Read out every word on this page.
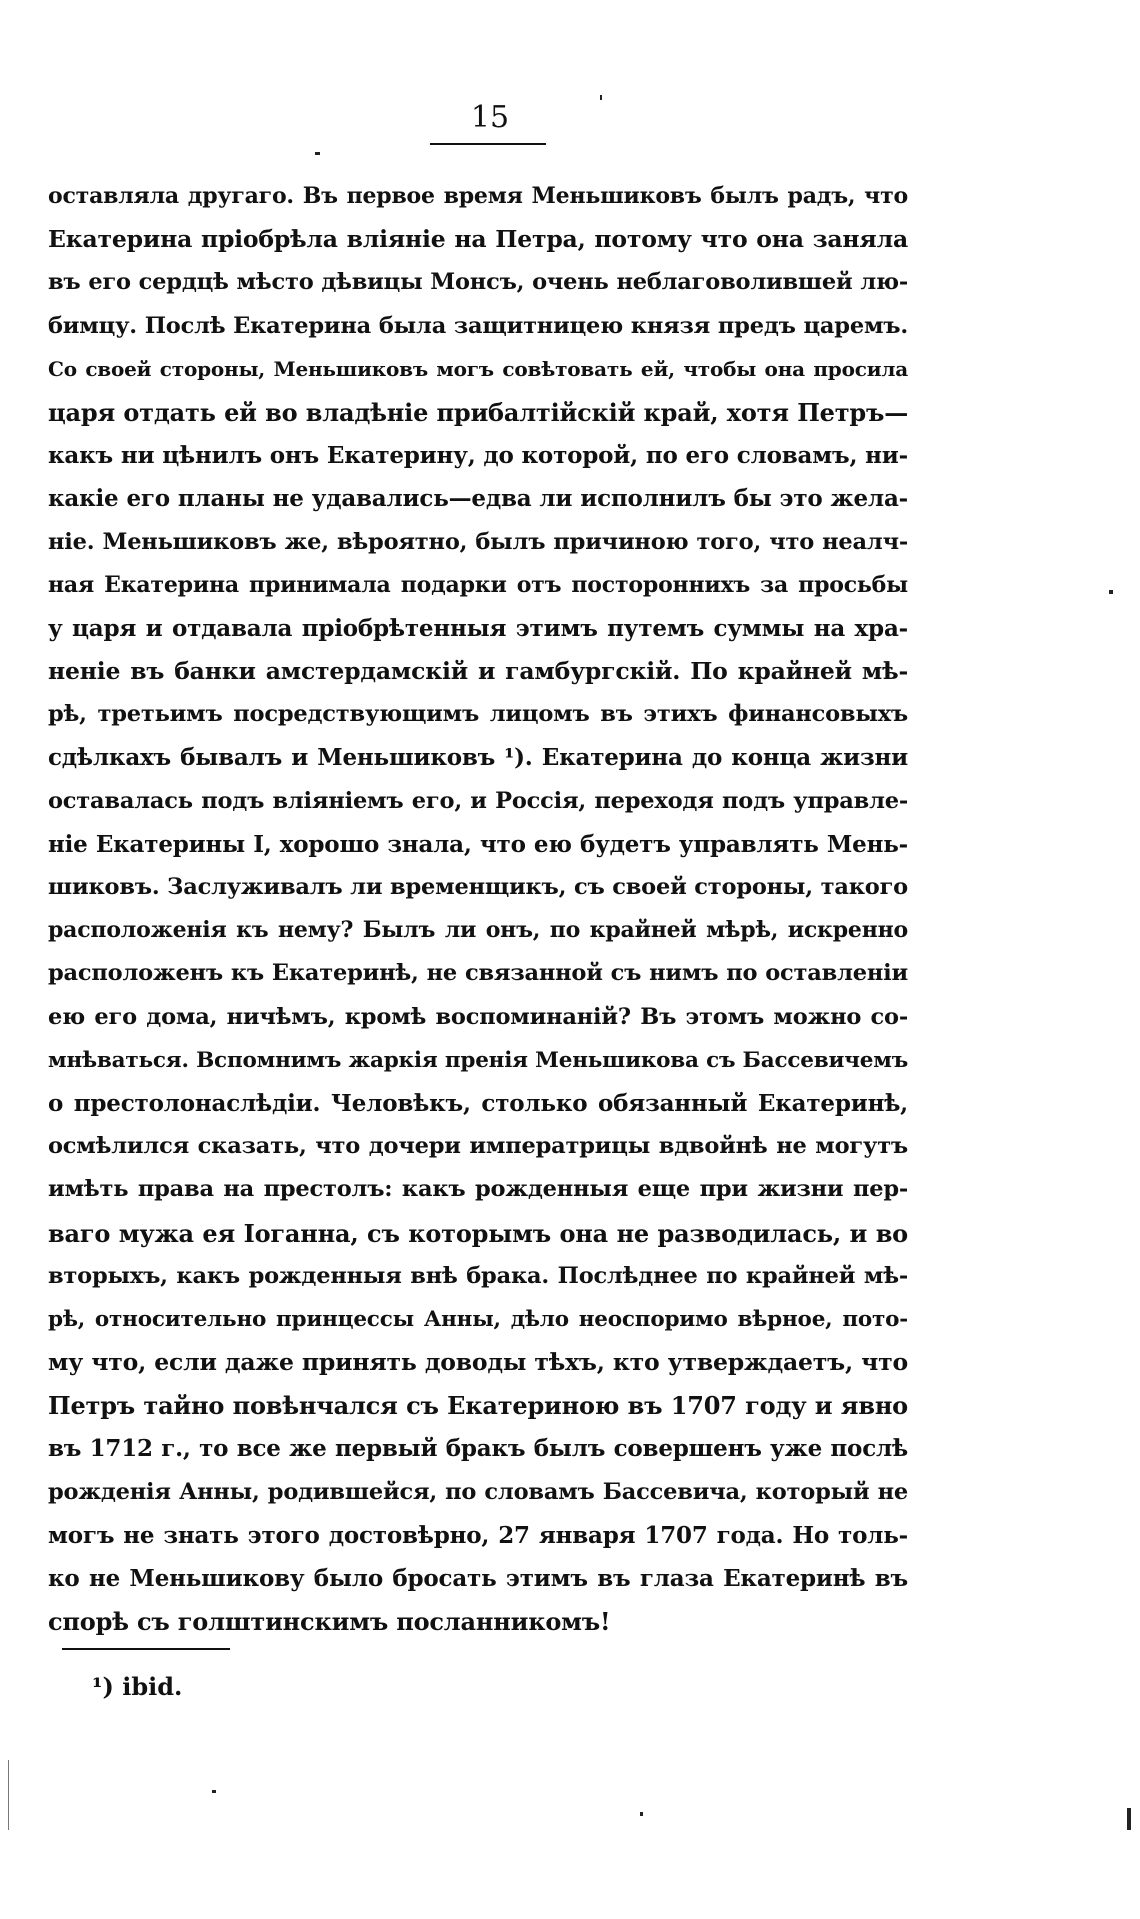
15
оставляла другаго. Въ первое время Меньшиковъ былъ радъ, что
Екатерина пріобрѣла вліяніе на Петра, потому что она заняла
въ его сердцѣ мѣсто дѣвицы Монсъ, очень неблаговолившей лю-
бимцу. Послѣ Екатерина была защитницею князя предъ царемъ.
Со своей стороны, Меньшиковъ могъ совѣтовать ей, чтобы она просила
царя отдать ей во владѣніе прибалтійскій край, хотя Петръ—
какъ ни цѣнилъ онъ Екатерину, до которой, по его словамъ, ни-
какіе его планы не удавались—едва ли исполнилъ бы это жела-
ніе. Меньшиковъ же, вѣроятно, былъ причиною того, что неалч-
ная Екатерина принимала подарки отъ постороннихъ за просьбы
у царя и отдавала пріобрѣтенныя этимъ путемъ суммы на хра-
неніе въ банки амстердамскій и гамбургскій. По крайней мѣ-
рѣ, третьимъ посредствующимъ лицомъ въ этихъ финансовыхъ
сдѣлкахъ бывалъ и Меньшиковъ ¹). Екатерина до конца жизни
оставалась подъ вліяніемъ его, и Россія, переходя подъ управле-
ніе Екатерины I, хорошо знала, что ею будетъ управлять Мень-
шиковъ. Заслуживалъ ли временщикъ, съ своей стороны, такого
расположенія къ нему? Былъ ли онъ, по крайней мѣрѣ, искренно
расположенъ къ Екатеринѣ, не связанной съ нимъ по оставленіи
ею его дома, ничѣмъ, кромѣ воспоминаній? Въ этомъ можно со-
мнѣваться. Вспомнимъ жаркія пренія Меньшикова съ Бассевичемъ
о престолонаслѣдіи. Человѣкъ, столько обязанный Екатеринѣ,
осмѣлился сказать, что дочери императрицы вдвойнѣ не могутъ
имѣть права на престолъ: какъ рожденныя еще при жизни пер-
ваго мужа ея Іоганна, съ которымъ она не разводилась, и во
вторыхъ, какъ рожденныя внѣ брака. Послѣднее по крайней мѣ-
рѣ, относительно принцессы Анны, дѣло неоспоримо вѣрное, пото-
му что, если даже принять доводы тѣхъ, кто утверждаетъ, что
Петръ тайно повѣнчался съ Екатериною въ 1707 году и явно
въ 1712 г., то все же первый бракъ былъ совершенъ уже послѣ
рожденія Анны, родившейся, по словамъ Бассевича, который не
могъ не знать этого достовѣрно, 27 января 1707 года. Но толь-
ко не Меньшикову было бросать этимъ въ глаза Екатеринѣ въ
спорѣ съ голштинскимъ посланникомъ!
¹) ibid.
